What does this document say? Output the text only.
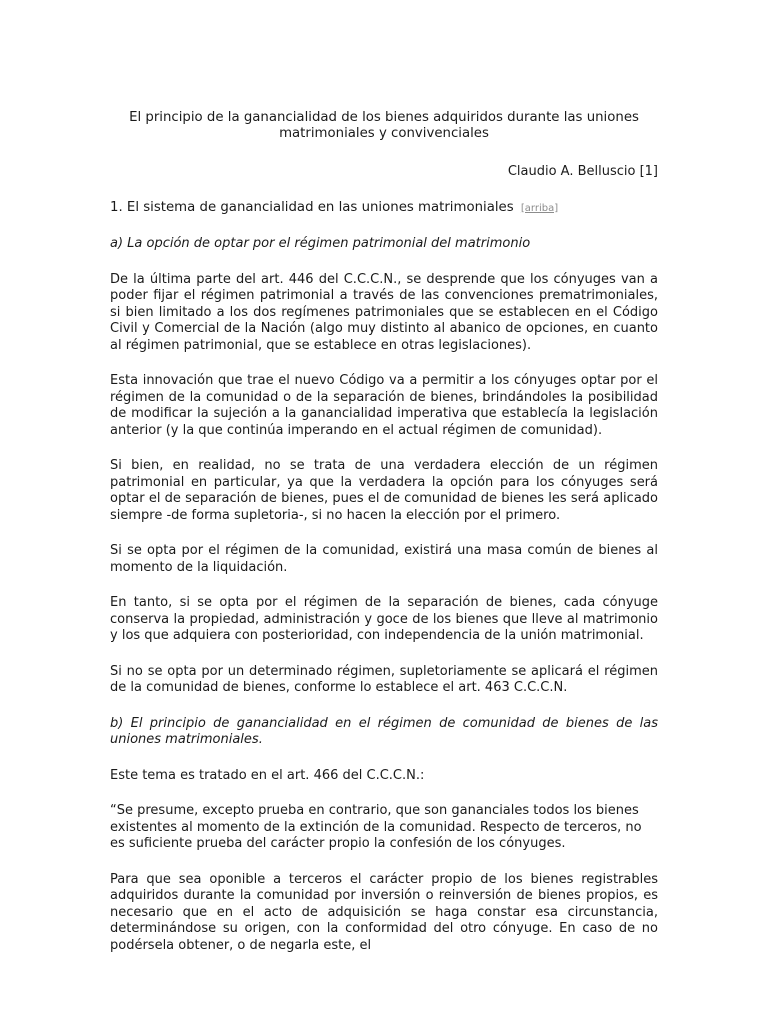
El principio de la ganancialidad de los bienes adquiridos durante las uniones matrimoniales y convivenciales
Claudio A. Belluscio [1]
1. El sistema de ganancialidad en las uniones matrimoniales [arriba]
a) La opción de optar por el régimen patrimonial del matrimonio

De la última parte del art. 446 del C.C.C.N., se desprende que los cónyuges van a poder fijar el régimen patrimonial a través de las convenciones prematrimoniales, si bien limitado a los dos regímenes patrimoniales que se establecen en el Código Civil y Comercial de la Nación (algo muy distinto al abanico de opciones, en cuanto al régimen patrimonial, que se establece en otras legislaciones).

Esta innovación que trae el nuevo Código va a permitir a los cónyuges optar por el régimen de la comunidad o de la separación de bienes, brindándoles la posibilidad de modificar la sujeción a la ganancialidad imperativa que establecía la legislación anterior (y la que continúa imperando en el actual régimen de comunidad).

Si bien, en realidad, no se trata de una verdadera elección de un régimen patrimonial en particular, ya que la verdadera la opción para los cónyuges será optar el de separación de bienes, pues el de comunidad de bienes les será aplicado siempre -de forma supletoria-, si no hacen la elección por el primero.

Si se opta por el régimen de la comunidad, existirá una masa común de bienes al momento de la liquidación.

En tanto, si se opta por el régimen de la separación de bienes, cada cónyuge conserva la propiedad, administración y goce de los bienes que lleve al matrimonio y los que adquiera con posterioridad, con independencia de la unión matrimonial.

Si no se opta por un determinado régimen, supletoriamente se aplicará el régimen de la comunidad de bienes, conforme lo establece el art. 463 C.C.C.N.

b) El principio de ganancialidad en el régimen de comunidad de bienes de las uniones matrimoniales.

Este tema es tratado en el art. 466 del C.C.C.N.:

“Se presume, excepto prueba en contrario, que son gananciales todos los bienes existentes al momento de la extinción de la comunidad. Respecto de terceros, no es suficiente prueba del carácter propio la confesión de los cónyuges.

Para que sea oponible a terceros el carácter propio de los bienes registrables adquiridos durante la comunidad por inversión o reinversión de bienes propios, es necesario que en el acto de adquisición se haga constar esa circunstancia, determinándose su origen, con la conformidad del otro cónyuge. En caso de no podérsela obtener, o de negarla este, el
